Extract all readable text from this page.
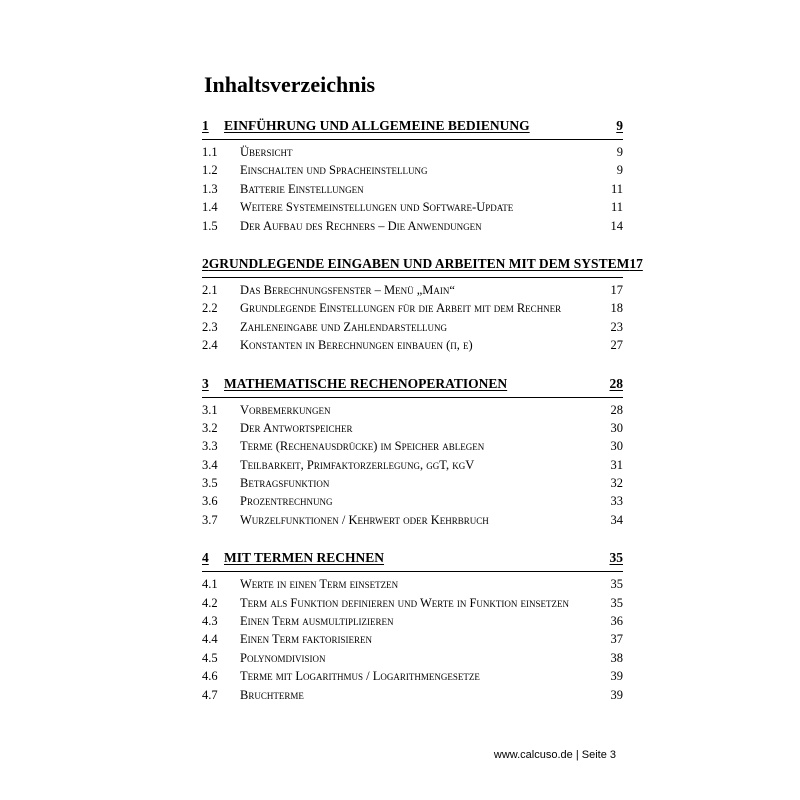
Inhaltsverzeichnis
1	EINFÜHRUNG UND ALLGEMEINE BEDIENUNG	9
1.1	Übersicht	9
1.2	Einschalten und Spracheinstellung	9
1.3	Batterie Einstellungen	11
1.4	Weitere Systemeinstellungen und Software-Update	11
1.5	Der Aufbau des Rechners – Die Anwendungen	14
2 GRUNDLEGENDE EINGABEN UND ARBEITEN MIT DEM SYSTEM 17
2.1	Das Berechnungsfenster – Menü „Main“	17
2.2	Grundlegende Einstellungen für die Arbeit mit dem Rechner	18
2.3	Zahleneingabe und Zahlendarstellung	23
2.4	Konstanten in Berechnungen einbauen (π, e)	27
3	MATHEMATISCHE RECHENOPERATIONEN	28
3.1	Vorbemerkungen	28
3.2	Der Antwortspeicher	30
3.3	Terme (Rechenausdrücke) im Speicher ablegen	30
3.4	Teilbarkeit, Primfaktorzerlegung, ggT, kgV	31
3.5	Betragsfunktion	32
3.6	Prozentrechnung	33
3.7	Wurzelfunktionen / Kehrwert oder Kehrbruch	34
4	MIT TERMEN RECHNEN	35
4.1	Werte in einen Term einsetzen	35
4.2	Term als Funktion definieren und Werte in Funktion einsetzen	35
4.3	Einen Term ausmultiplizieren	36
4.4	Einen Term faktorisieren	37
4.5	Polynomdivision	38
4.6	Terme mit Logarithmus / Logarithmengesetze	39
4.7	Bruchterme	39
www.calcuso.de | Seite 3
